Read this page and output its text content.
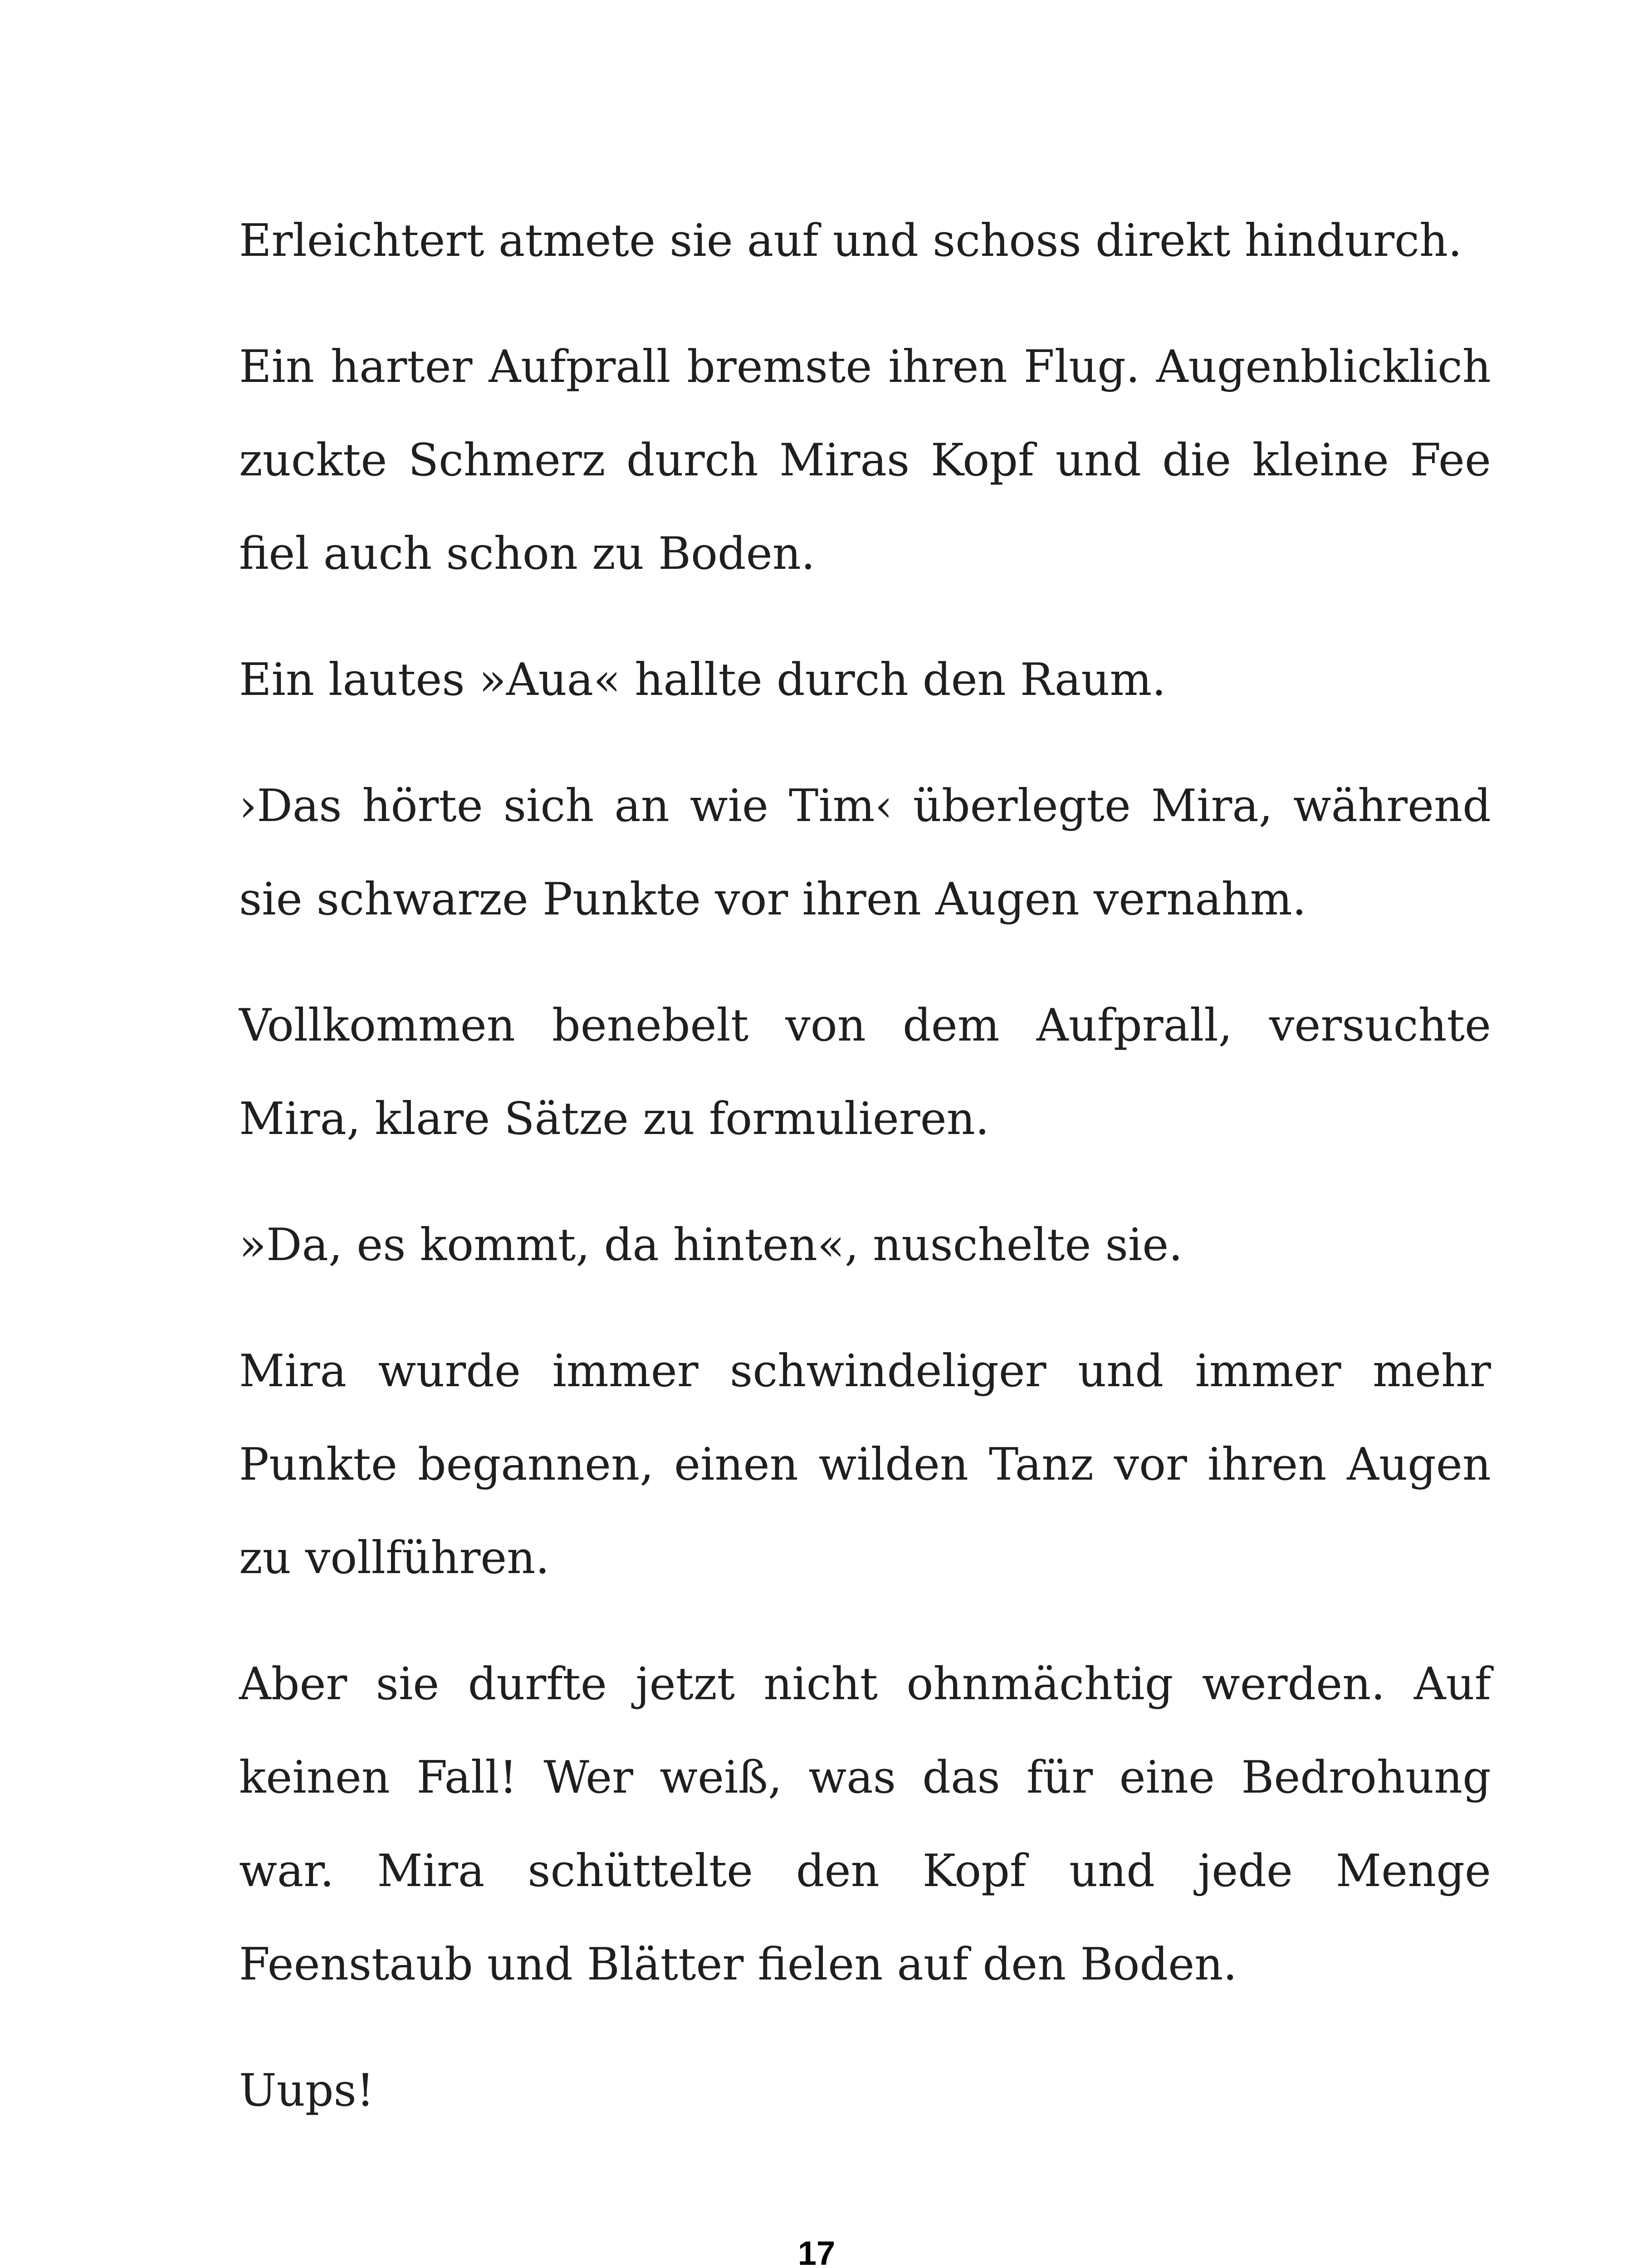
Erleichtert atmete sie auf und schoss direkt hindurch.

Ein harter Aufprall bremste ihren Flug. Augenblicklich zuckte Schmerz durch Miras Kopf und die kleine Fee fiel auch schon zu Boden.

Ein lautes »Aua« hallte durch den Raum.

›Das hörte sich an wie Tim‹ überlegte Mira, während sie schwarze Punkte vor ihren Augen vernahm.

Vollkommen benebelt von dem Aufprall, versuchte Mira, klare Sätze zu formulieren.

»Da, es kommt, da hinten«, nuschelte sie.

Mira wurde immer schwindeliger und immer mehr Punkte begannen, einen wilden Tanz vor ihren Augen zu vollführen.

Aber sie durfte jetzt nicht ohnmächtig werden. Auf keinen Fall! Wer weiß, was das für eine Bedrohung war. Mira schüttelte den Kopf und jede Menge Feenstaub und Blätter fielen auf den Boden.

Uups!

17
